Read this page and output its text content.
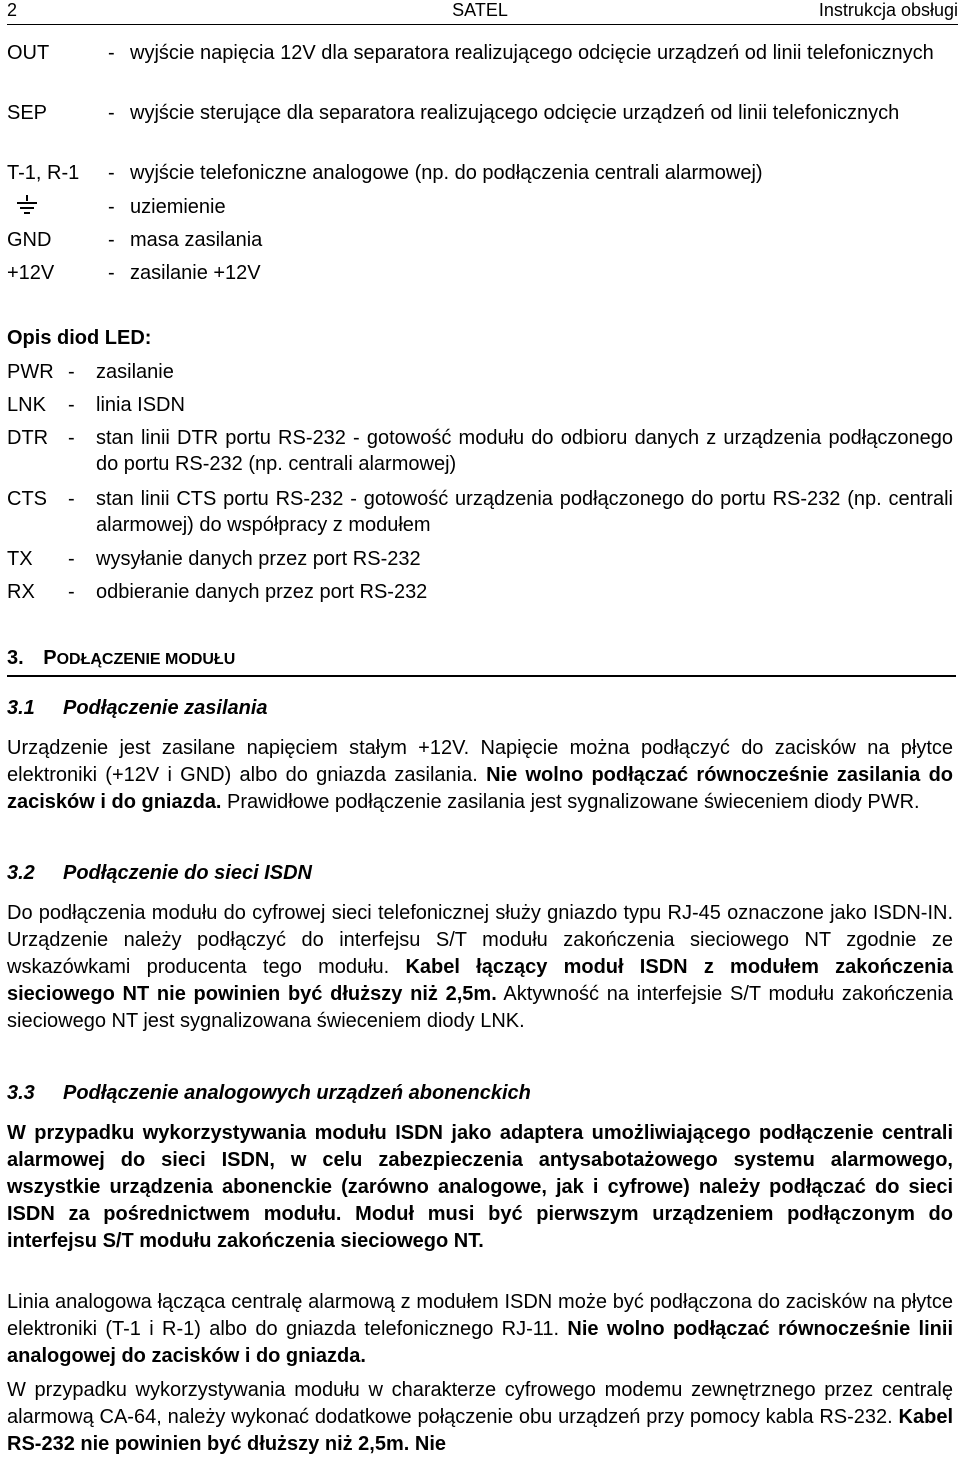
2	SATEL	Instrukcja obsługi
OUT	- wyjście napięcia 12V dla separatora realizującego odcięcie urządzeń od linii telefonicznych
SEP	- wyjście sterujące dla separatora realizującego odcięcie urządzeń od linii telefonicznych
T-1, R-1 - wyjście telefoniczne analogowe (np. do podłączenia centrali alarmowej)
- uziemienie
GND	- masa zasilania
+12V	- zasilanie +12V
Opis diod LED:
PWR - zasilanie
LNK - linia ISDN
DTR - stan linii DTR portu RS-232 - gotowość modułu do odbioru danych z urządzenia podłączonego do portu RS-232 (np. centrali alarmowej)
CTS - stan linii CTS portu RS-232 - gotowość urządzenia podłączonego do portu RS-232 (np. centrali alarmowej) do współpracy z modułem
TX - wysyłanie danych przez port RS-232
RX - odbieranie danych przez port RS-232
3. PODŁĄCZENIE MODUŁU
3.1 Podłączenie zasilania
Urządzenie jest zasilane napięciem stałym +12V. Napięcie można podłączyć do zacisków na płytce elektroniki (+12V i GND) albo do gniazda zasilania. Nie wolno podłączać równocześnie zasilania do zacisków i do gniazda. Prawidłowe podłączenie zasilania jest sygnalizowane świeceniem diody PWR.
3.2 Podłączenie do sieci ISDN
Do podłączenia modułu do cyfrowej sieci telefonicznej służy gniazdo typu RJ-45 oznaczone jako ISDN-IN. Urządzenie należy podłączyć do interfejsu S/T modułu zakończenia sieciowego NT zgodnie ze wskazówkami producenta tego modułu. Kabel łączący moduł ISDN z modułem zakończenia sieciowego NT nie powinien być dłuższy niż 2,5m. Aktywność na interfejsie S/T modułu zakończenia sieciowego NT jest sygnalizowana świeceniem diody LNK.
3.3 Podłączenie analogowych urządzeń abonenckich
W przypadku wykorzystywania modułu ISDN jako adaptera umożliwiającego podłączenie centrali alarmowej do sieci ISDN, w celu zabezpieczenia antysabotażowego systemu alarmowego, wszystkie urządzenia abonenckie (zarówno analogowe, jak i cyfrowe) należy podłączać do sieci ISDN za pośrednictwem modułu. Moduł musi być pierwszym urządzeniem podłączonym do interfejsu S/T modułu zakończenia sieciowego NT.
Linia analogowa łącząca centralę alarmową z modułem ISDN może być podłączona do zacisków na płytce elektroniki (T-1 i R-1) albo do gniazda telefonicznego RJ-11. Nie wolno podłączać równocześnie linii analogowej do zacisków i do gniazda.
W przypadku wykorzystywania modułu w charakterze cyfrowego modemu zewnętrznego przez centralę alarmową CA-64, należy wykonać dodatkowe połączenie obu urządzeń przy pomocy kabla RS-232. Kabel RS-232 nie powinien być dłuższy niż 2,5m. Nie
